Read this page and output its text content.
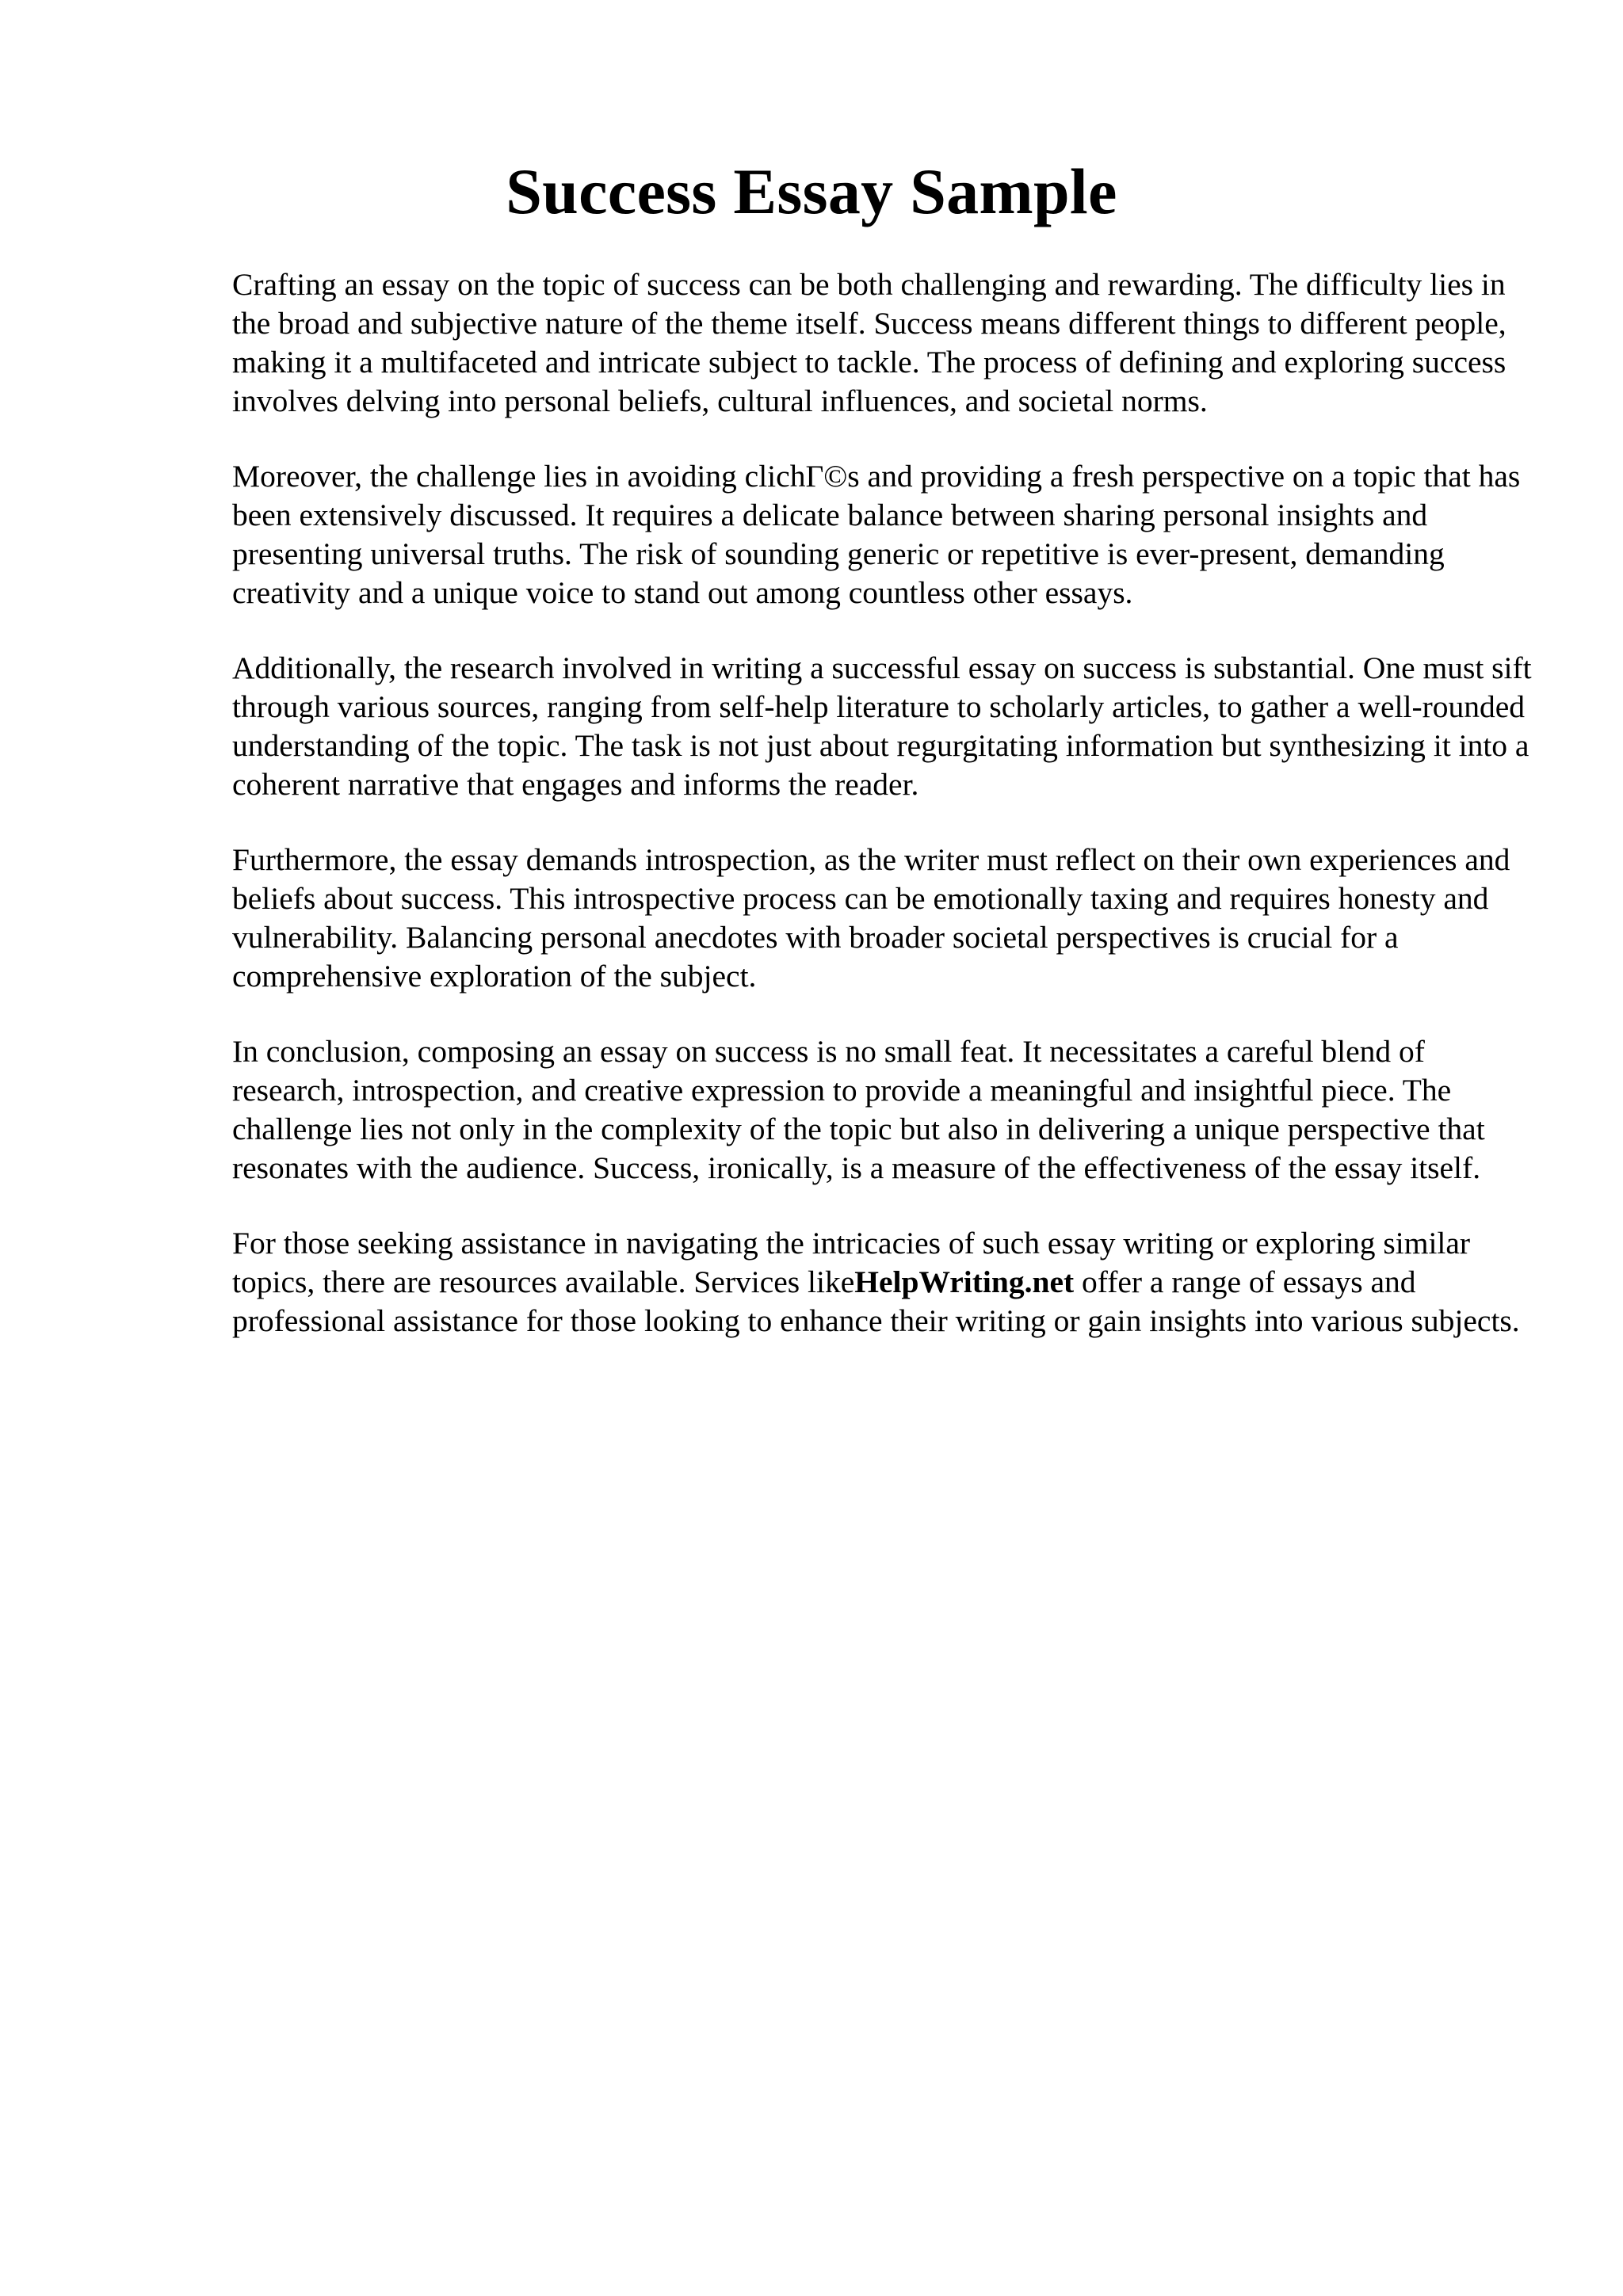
Success Essay Sample

Crafting an essay on the topic of success can be both challenging and rewarding. The difficulty lies in the broad and subjective nature of the theme itself. Success means different things to different people, making it a multifaceted and intricate subject to tackle. The process of defining and exploring success involves delving into personal beliefs, cultural influences, and societal norms.

Moreover, the challenge lies in avoiding clichΓ©s and providing a fresh perspective on a topic that has been extensively discussed. It requires a delicate balance between sharing personal insights and presenting universal truths. The risk of sounding generic or repetitive is ever-present, demanding creativity and a unique voice to stand out among countless other essays.

Additionally, the research involved in writing a successful essay on success is substantial. One must sift through various sources, ranging from self-help literature to scholarly articles, to gather a well-rounded understanding of the topic. The task is not just about regurgitating information but synthesizing it into a coherent narrative that engages and informs the reader.

Furthermore, the essay demands introspection, as the writer must reflect on their own experiences and beliefs about success. This introspective process can be emotionally taxing and requires honesty and vulnerability. Balancing personal anecdotes with broader societal perspectives is crucial for a comprehensive exploration of the subject.

In conclusion, composing an essay on success is no small feat. It necessitates a careful blend of research, introspection, and creative expression to provide a meaningful and insightful piece. The challenge lies not only in the complexity of the topic but also in delivering a unique perspective that resonates with the audience. Success, ironically, is a measure of the effectiveness of the essay itself.

For those seeking assistance in navigating the intricacies of such essay writing or exploring similar topics, there are resources available. Services likeHelpWriting.net offer a range of essays and professional assistance for those looking to enhance their writing or gain insights into various subjects.
